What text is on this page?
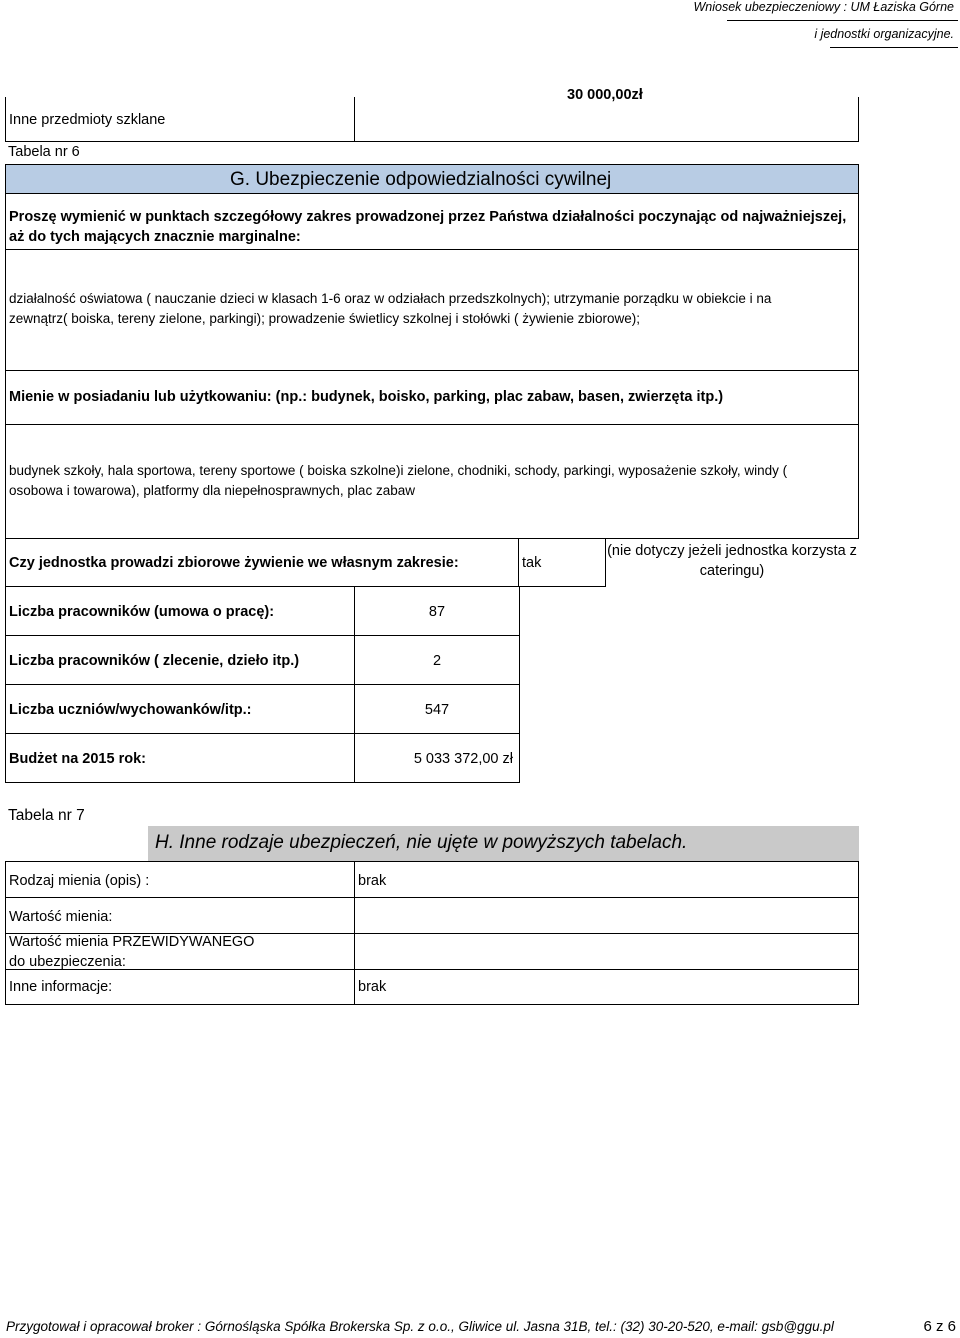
Wniosek ubezpieczeniowy : UM Łaziska Górne
i jednostki organizacyjne.
Inne przedmioty szklane
30 000,00zł
Tabela nr 6
G. Ubezpieczenie odpowiedzialności cywilnej
Proszę wymienić w punktach szczegółowy zakres prowadzonej przez Państwa działalności poczynając od najważniejszej, aż do tych mających znacznie marginalne:
działalność oświatowa ( nauczanie dzieci w klasach 1-6 oraz w odziałach przedszkolnych); utrzymanie porządku w obiekcie i na zewnątrz( boiska, tereny zielone, parkingi); prowadzenie świetlicy szkolnej i stołówki ( żywienie zbiorowe);
Mienie w posiadaniu lub użytkowaniu: (np.: budynek, boisko, parking, plac zabaw, basen, zwierzęta itp.)
budynek szkoły, hala sportowa, tereny sportowe ( boiska szkolne)i zielone, chodniki, schody, parkingi, wyposażenie szkoły, windy ( osobowa i towarowa), platformy dla niepełnosprawnych, plac zabaw
Czy jednostka prowadzi zbiorowe żywienie we własnym zakresie:	tak
(nie dotyczy jeżeli jednostka korzysta z cateringu)
Liczba pracowników (umowa o pracę):	87
Liczba pracowników ( zlecenie, dzieło itp.)	2
Liczba uczniów/wychowanków/itp.:	547
Budżet na 2015 rok:	5 033 372,00 zł
Tabela nr 7
H. Inne rodzaje ubezpieczeń, nie ujęte w powyższych tabelach.
Rodzaj mienia (opis) :	brak
Wartość mienia:
Wartość mienia PRZEWIDYWANEGO do ubezpieczenia:
Inne informacje:	brak
Przygotował i opracował broker : Górnośląska Spółka Brokerska Sp. z o.o., Gliwice ul. Jasna 31B, tel.: (32) 30-20-520, e-mail: gsb@ggu.pl	6 z 6
